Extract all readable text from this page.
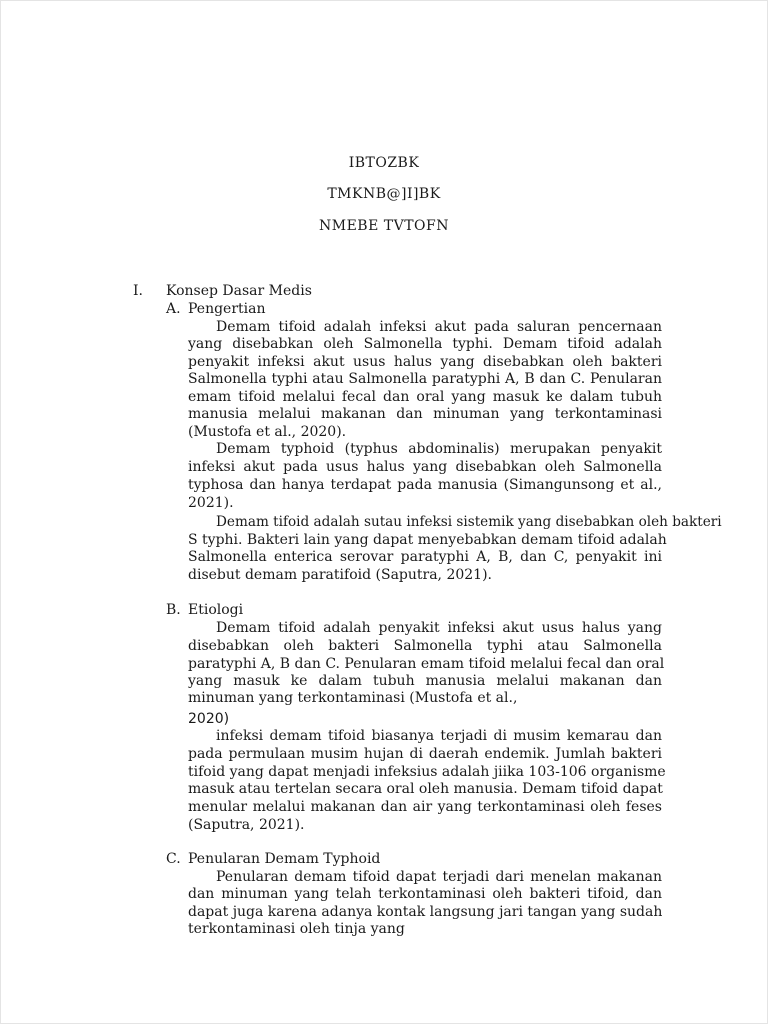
IBTOZBK
TMKNB@]I]BK
NMEBE TVTOFN
I. Konsep Dasar Medis
A. Pengertian
Demam tifoid adalah infeksi akut pada saluran pencernaan
yang disebabkan oleh Salmonella typhi. Demam tifoid adalah
penyakit infeksi akut usus halus yang disebabkan oleh bakteri
Salmonella typhi atau Salmonella paratyphi A, B dan C. Penularan
emam tifoid melalui fecal dan oral yang masuk ke dalam tubuh
manusia melalui makanan dan minuman yang terkontaminasi
(Mustofa et al., 2020).
Demam typhoid (typhus abdominalis) merupakan penyakit
infeksi akut pada usus halus yang disebabkan oleh Salmonella
typhosa dan hanya terdapat pada manusia (Simangunsong et al.,
2021).
Demam tifoid adalah sutau infeksi sistemik yang disebabkan oleh bakteri
S typhi. Bakteri lain yang dapat menyebabkan demam tifoid adalah
Salmonella enterica serovar paratyphi A, B, dan C, penyakit ini
disebut demam paratifoid (Saputra, 2021).
B. Etiologi
Demam tifoid adalah penyakit infeksi akut usus halus yang
disebabkan oleh bakteri Salmonella typhi atau Salmonella
paratyphi A, B dan C. Penularan emam tifoid melalui fecal dan oral
yang masuk ke dalam tubuh manusia melalui makanan dan
minuman yang terkontaminasi (Mustofa et al.,
2020)
infeksi demam tifoid biasanya terjadi di musim kemarau dan
pada permulaan musim hujan di daerah endemik. Jumlah bakteri
tifoid yang dapat menjadi infeksius adalah jiika 103-106 organisme
masuk atau tertelan secara oral oleh manusia. Demam tifoid dapat
menular melalui makanan dan air yang terkontaminasi oleh feses
(Saputra, 2021).
C. Penularan Demam Typhoid
Penularan demam tifoid dapat terjadi dari menelan makanan
dan minuman yang telah terkontaminasi oleh bakteri tifoid, dan
dapat juga karena adanya kontak langsung jari tangan yang sudah
terkontaminasi oleh tinja yang
